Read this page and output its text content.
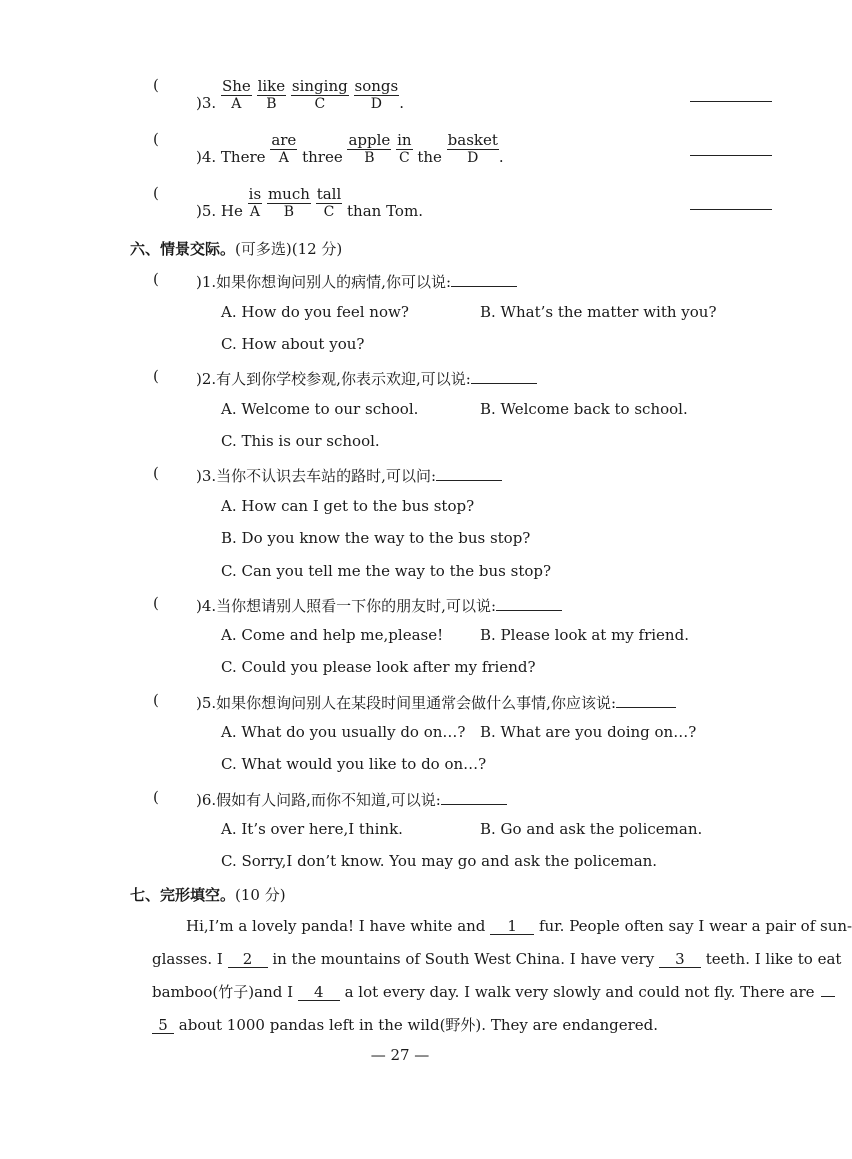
(
)3.
She
A

like
B

singing
C

songs
D	.
(
)4. There
are
A three
apple
B
	$\frac{in}{C}$ the
basket
D	.
(
)5. He $\frac{is}{A}$
much
B

tall
C than Tom.
六、情景交际。(可多选)(12 分)
( )1.如果你想询问别人的病情,你可以说:
A. How do you feel now?	B. What’s the matter with you?
C. How about you?
( )2.有人到你学校参观,你表示欢迎,可以说:
A. Welcome to our school.	B. Welcome back to school.
C. This is our school.
( )3.当你不认识去车站的路时,可以问:
A. How can I get to the bus stop?
B. Do you know the way to the bus stop?
C. Can you tell me the way to the bus stop?
( )4.当你想请别人照看一下你的朋友时,可以说:
A. Come and help me,please! B. Please look at my friend.
C. Could you please look after my friend?
( )5.如果你想询问别人在某段时间里通常会做什么事情,你应该说:
A. What do you usually do on…? B. What are you doing on…?
C. What would you like to do on…?
( )6.假如有人问路,而你不知道,可以说:
A. It’s over here,I think.	B. Go and ask the policeman.
C. Sorry,I don’t know. You may go and ask the policeman.
七、完形填空。(10 分)
Hi,I’m a lovely panda! I have white and 1 fur. People often say I wear a pair of sun-
glasses. I 2 in the mountains of South West China. I have very 3 teeth. I like to eat
bamboo(竹子)and I 4 a lot every day. I walk very slowly and could not fly. There are
5 about 1000 pandas left in the wild(野外). They are endangered.
— 27 —
